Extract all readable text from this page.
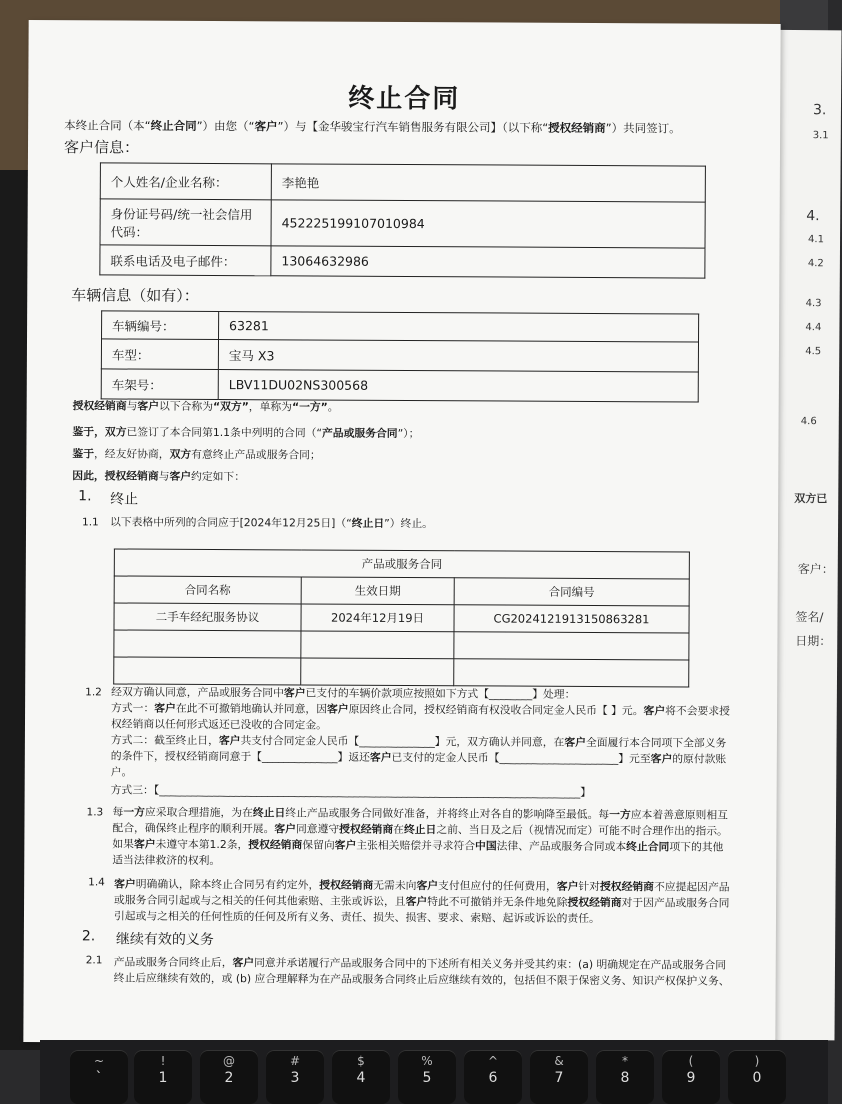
3.
3.1
4.
4.1
4.2
4.3
4.4
4.5
4.6
双方已
客户：
签名/
日期：
终止合同
本终止合同（本“终止合同”）由您（“客户”）与【金华骏宝行汽车销售服务有限公司】（以下称“授权经销商”）共同签订。
客户信息：
个人姓名/企业名称：	李艳艳
身份证号码/统一社会信用代码：	452225199107010984
联系电话及电子邮件：	13064632986
车辆信息（如有）：
车辆编号：	63281
车型：	宝马 X3
车架号：	LBV11DU02NS300568
授权经销商与客户以下合称为“双方”，单称为“一方”。
鉴于，双方已签订了本合同第1.1条中列明的合同（“产品或服务合同”）；
鉴于，经友好协商，双方有意终止产品或服务合同；
因此，授权经销商与客户约定如下：
1. 终止
1.1 以下表格中所列的合同应于[2024年12月25日]（“终止日”）终止。
产品或服务合同		
合同名称	生效日期	合同编号
二手车经纪服务协议	2024年12月19日	CG2024121913150863281

1.2 经双方确认同意，产品或服务合同中客户已支付的车辆价款项应按照如下方式【________】处理：
方式一：客户在此不可撤销地确认并同意，因客户原因终止合同，授权经销商有权没收合同定金人民币【 】元。客户将不会要求授
权经销商以任何形式返还已没收的合同定金。
方式二：截至终止日，客户共支付合同定金人民币【______________】元，双方确认并同意，在客户全面履行本合同项下全部义务
的条件下，授权经销商同意于【______________】返还客户已支付的定金人民币【______________________】元至客户的原付款账
户。
方式三：【______________________________________________________________________________】
1.3 每一方应采取合理措施，为在终止日终止产品或服务合同做好准备，并将终止对各自的影响降至最低。每一方应本着善意原则相互
配合，确保终止程序的顺利开展。客户同意遵守授权经销商在终止日之前、当日及之后（视情况而定）可能不时合理作出的指示。
如果客户未遵守本第1.2条，授权经销商保留向客户主张相关赔偿并寻求符合中国法律、产品或服务合同或本终止合同项下的其他
适当法律救济的权利。
1.4 客户明确确认，除本终止合同另有约定外，授权经销商无需未向客户支付但应付的任何费用，客户针对授权经销商不应提起因产品
或服务合同引起或与之相关的任何其他索赔、主张或诉讼，且客户特此不可撤销并无条件地免除授权经销商对于因产品或服务合同
引起或与之相关的任何性质的任何及所有义务、责任、损失、损害、要求、索赔、起诉或诉讼的责任。
2. 继续有效的义务
2.1 产品或服务合同终止后，客户同意并承诺履行产品或服务合同中的下述所有相关义务并受其约束：(a) 明确规定在产品或服务合同
终止后应继续有效的，或 (b) 应合理解释为在产品或服务合同终止后应继续有效的，包括但不限于保密义务、知识产权保护义务、
~
`
!
1
@
2
#
3
$
4
%
5
^
6
&
7
*
8
(
9
)
0
